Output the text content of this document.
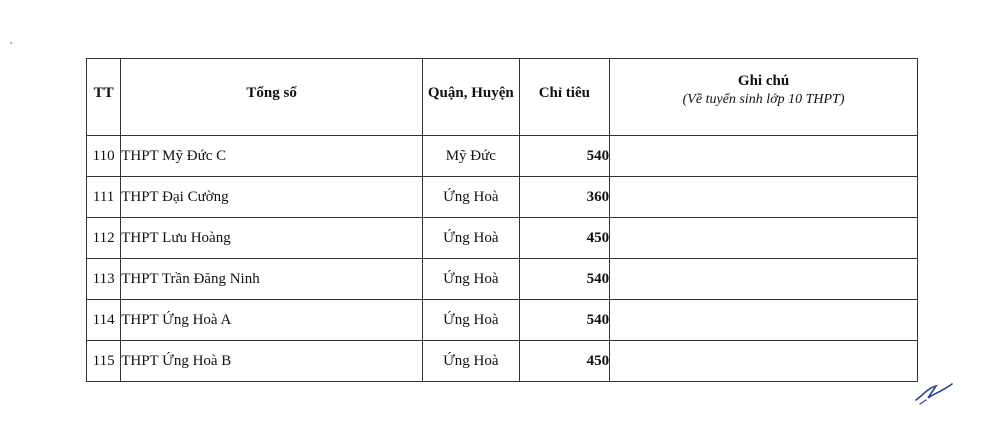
TT	Tổng số	Quận, Huyện	Chỉ tiêu	Ghi chú
(Về tuyển sinh lớp 10 THPT)

110	THPT Mỹ Đức C	Mỹ Đức	540	
111	THPT Đại Cường	Ứng Hoà	360	
112	THPT Lưu Hoàng	Ứng Hoà	450	
113	THPT Trần Đăng Ninh	Ứng Hoà	540	
114	THPT Ứng Hoà A	Ứng Hoà	540	
115	THPT Ứng Hoà B	Ứng Hoà	450	
